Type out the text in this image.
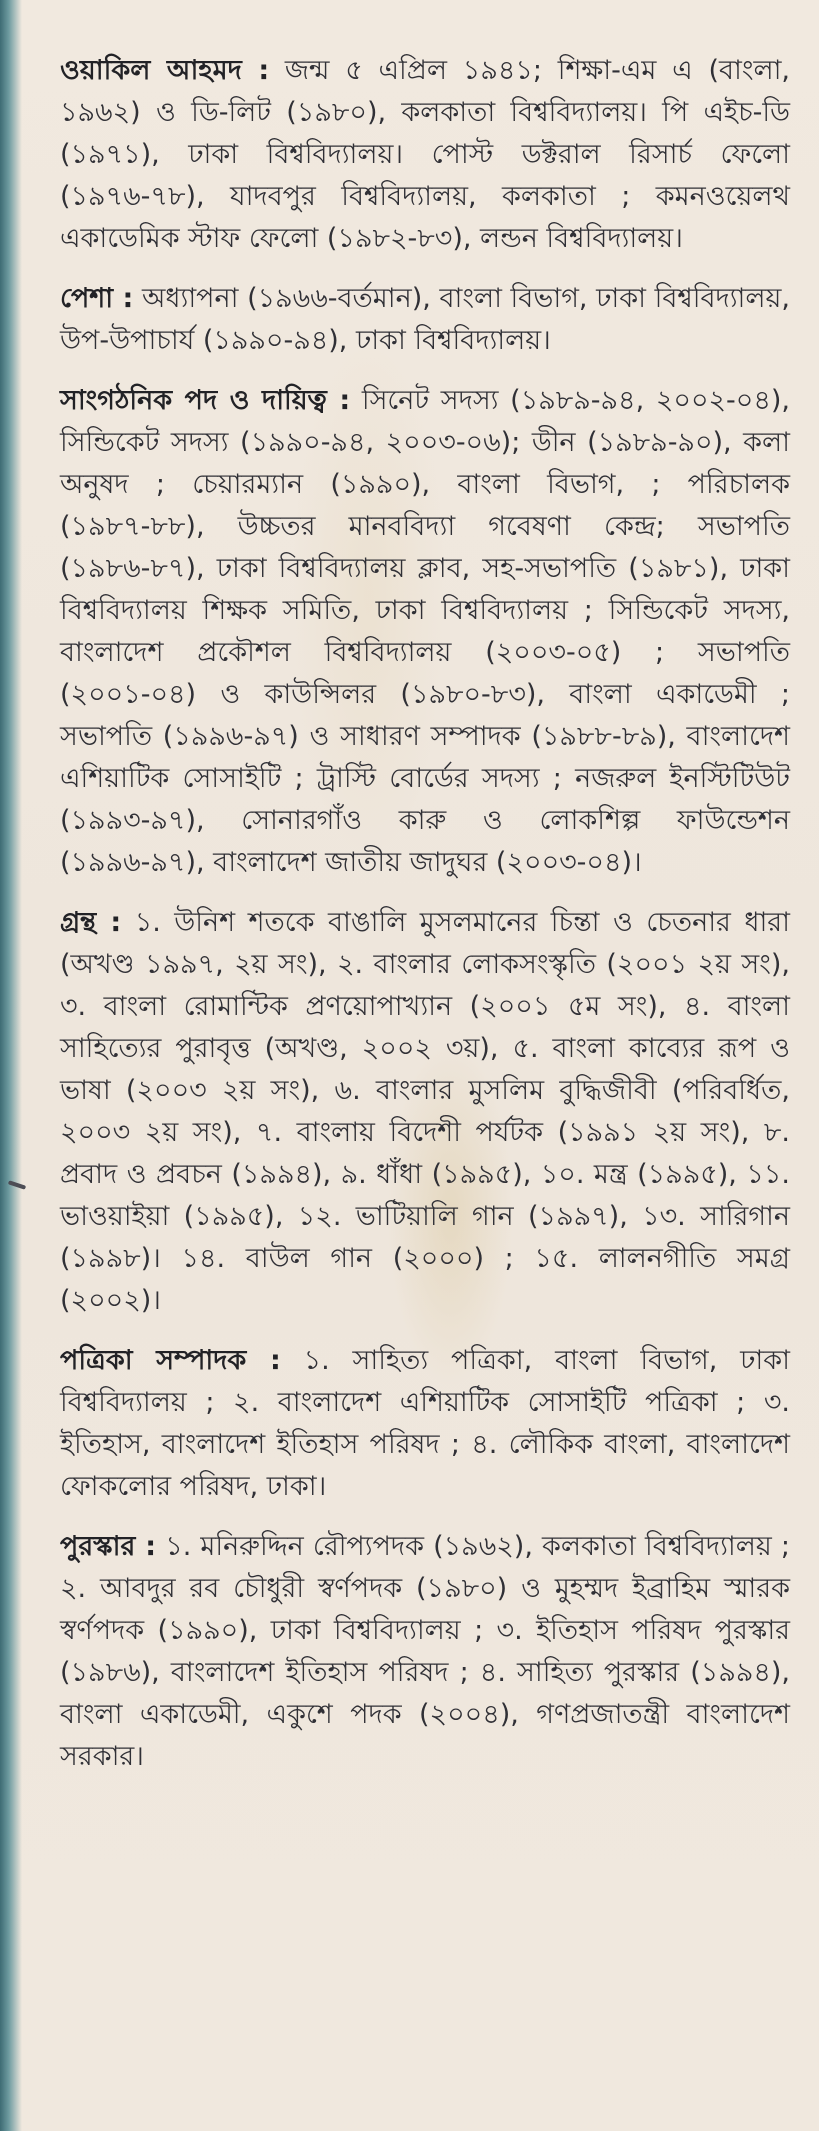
ওয়াকিল আহমদ : জন্ম ৫ এপ্রিল ১৯৪১; শিক্ষা-এম এ (বাংলা, ১৯৬২) ও ডি-লিট (১৯৮০), কলকাতা বিশ্ববিদ্যালয়। পি এইচ-ডি (১৯৭১), ঢাকা বিশ্ববিদ্যালয়। পোস্ট ডক্টরাল রিসার্চ ফেলো (১৯৭৬-৭৮), যাদবপুর বিশ্ববিদ্যালয়, কলকাতা ; কমনওয়েলথ একাডেমিক স্টাফ ফেলো (১৯৮২-৮৩), লন্ডন বিশ্ববিদ্যালয়।

পেশা : অধ্যাপনা (১৯৬৬-বর্তমান), বাংলা বিভাগ, ঢাকা বিশ্ববিদ্যালয়, উপ-উপাচার্য (১৯৯০-৯৪), ঢাকা বিশ্ববিদ্যালয়।

সাংগঠনিক পদ ও দায়িত্ব : সিনেট সদস্য (১৯৮৯-৯৪, ২০০২-০৪), সিন্ডিকেট সদস্য (১৯৯০-৯৪, ২০০৩-০৬); ডীন (১৯৮৯-৯০), কলা অনুষদ ; চেয়ারম্যান (১৯৯০), বাংলা বিভাগ, ; পরিচালক (১৯৮৭-৮৮), উচ্চতর মানববিদ্যা গবেষণা কেন্দ্র; সভাপতি (১৯৮৬-৮৭), ঢাকা বিশ্ববিদ্যালয় ক্লাব, সহ-সভাপতি (১৯৮১), ঢাকা বিশ্ববিদ্যালয় শিক্ষক সমিতি, ঢাকা বিশ্ববিদ্যালয় ; সিন্ডিকেট সদস্য, বাংলাদেশ প্রকৌশল বিশ্ববিদ্যালয় (২০০৩-০৫) ; সভাপতি (২০০১-০৪) ও কাউন্সিলর (১৯৮০-৮৩), বাংলা একাডেমী ; সভাপতি (১৯৯৬-৯৭) ও সাধারণ সম্পাদক (১৯৮৮-৮৯), বাংলাদেশ এশিয়াটিক সোসাইটি ; ট্রাস্টি বোর্ডের সদস্য ; নজরুল ইনস্টিটিউট (১৯৯৩-৯৭), সোনারগাঁও কারু ও লোকশিল্প ফাউন্ডেশন (১৯৯৬-৯৭), বাংলাদেশ জাতীয় জাদুঘর (২০০৩-০৪)।

গ্রন্থ : ১. উনিশ শতকে বাঙালি মুসলমানের চিন্তা ও চেতনার ধারা (অখণ্ড ১৯৯৭, ২য় সং), ২. বাংলার লোকসংস্কৃতি (২০০১ ২য় সং), ৩. বাংলা রোমান্টিক প্রণয়োপাখ্যান (২০০১ ৫ম সং), ৪. বাংলা সাহিত্যের পুরাবৃত্ত (অখণ্ড, ২০০২ ৩য়), ৫. বাংলা কাব্যের রূপ ও ভাষা (২০০৩ ২য় সং), ৬. বাংলার মুসলিম বুদ্ধিজীবী (পরিবর্ধিত, ২০০৩ ২য় সং), ৭. বাংলায় বিদেশী পর্যটক (১৯৯১ ২য় সং), ৮. প্রবাদ ও প্রবচন (১৯৯৪), ৯. ধাঁধা (১৯৯৫), ১০. মন্ত্র (১৯৯৫), ১১. ভাওয়াইয়া (১৯৯৫), ১২. ভাটিয়ালি গান (১৯৯৭), ১৩. সারিগান (১৯৯৮)। ১৪. বাউল গান (২০০০) ; ১৫. লালনগীতি সমগ্র (২০০২)।

পত্রিকা সম্পাদক : ১. সাহিত্য পত্রিকা, বাংলা বিভাগ, ঢাকা বিশ্ববিদ্যালয় ; ২. বাংলাদেশ এশিয়াটিক সোসাইটি পত্রিকা ; ৩. ইতিহাস, বাংলাদেশ ইতিহাস পরিষদ ; ৪. লৌকিক বাংলা, বাংলাদেশ ফোকলোর পরিষদ, ঢাকা।

পুরস্কার : ১. মনিরুদ্দিন রৌপ্যপদক (১৯৬২), কলকাতা বিশ্ববিদ্যালয় ; ২. আবদুর রব চৌধুরী স্বর্ণপদক (১৯৮০) ও মুহম্মদ ইব্রাহিম স্মারক স্বর্ণপদক (১৯৯০), ঢাকা বিশ্ববিদ্যালয় ; ৩. ইতিহাস পরিষদ পুরস্কার (১৯৮৬), বাংলাদেশ ইতিহাস পরিষদ ; ৪. সাহিত্য পুরস্কার (১৯৯৪), বাংলা একাডেমী, একুশে পদক (২০০৪), গণপ্রজাতন্ত্রী বাংলাদেশ সরকার।
